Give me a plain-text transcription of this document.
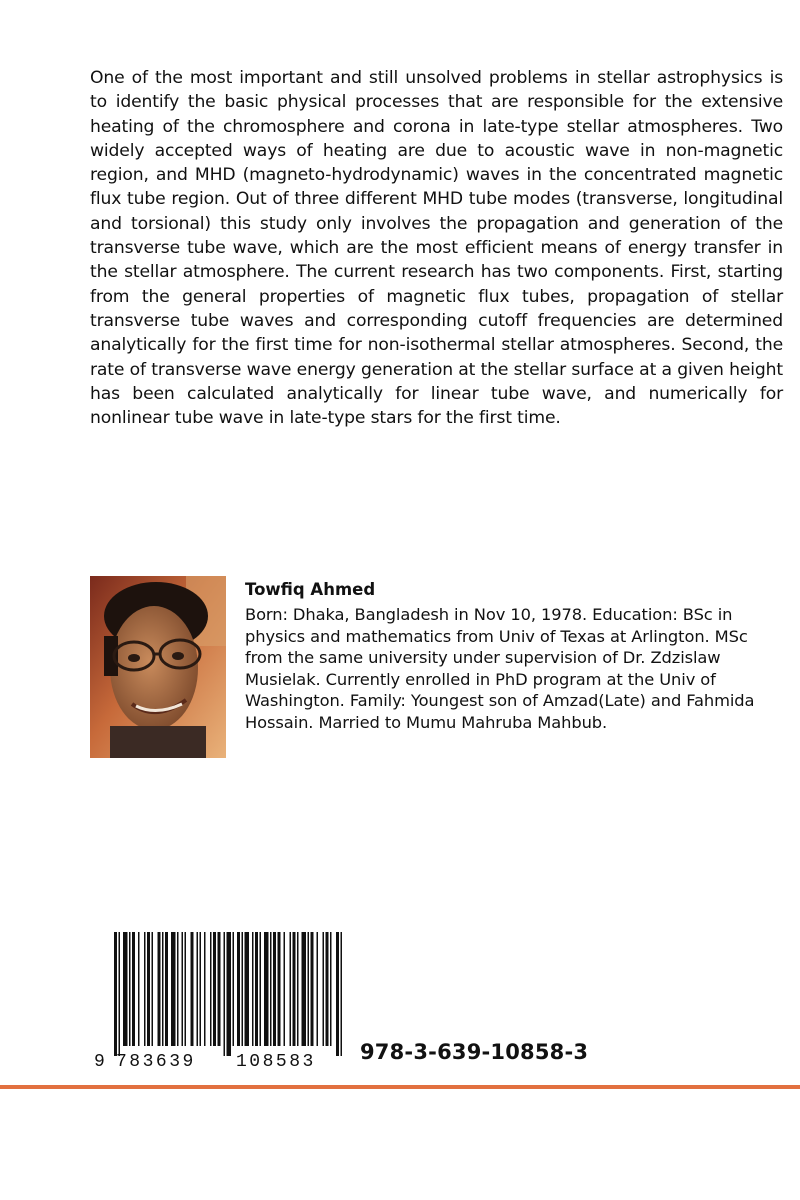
One of the most important and still unsolved problems in stellar astrophysics is to identify the basic physical processes that are responsible for the extensive heating of the chromosphere and corona in late-type stellar atmospheres. Two widely accepted ways of heating are due to acoustic wave in non-magnetic region, and MHD (magneto-hydrodynamic) waves in the concentrated magnetic flux tube region. Out of three different MHD tube modes (transverse, longitudinal and torsional) this study only involves the propagation and generation of the transverse tube wave, which are the most efficient means of energy transfer in the stellar atmosphere. The current research has two components. First, starting from the general properties of magnetic flux tubes, propagation of stellar transverse tube waves and corresponding cutoff frequencies are determined analytically for the first time for non-isothermal stellar atmospheres. Second, the rate of transverse wave energy generation at the stellar surface at a given height has been calculated analytically for linear tube wave, and numerically for nonlinear tube wave in late-type stars for the first time.

Towfiq Ahmed

Born: Dhaka, Bangladesh in Nov 10, 1978. Education: BSc in physics and mathematics from Univ of Texas at Arlington. MSc from the same university under supervision of Dr. Zdzislaw Musielak. Currently enrolled in PhD program at the Univ of Washington. Family: Youngest son of Amzad(Late) and Fahmida Hossain. Married to Mumu Mahruba Mahbub.

9 783639 108583 978-3-639-10858-3
